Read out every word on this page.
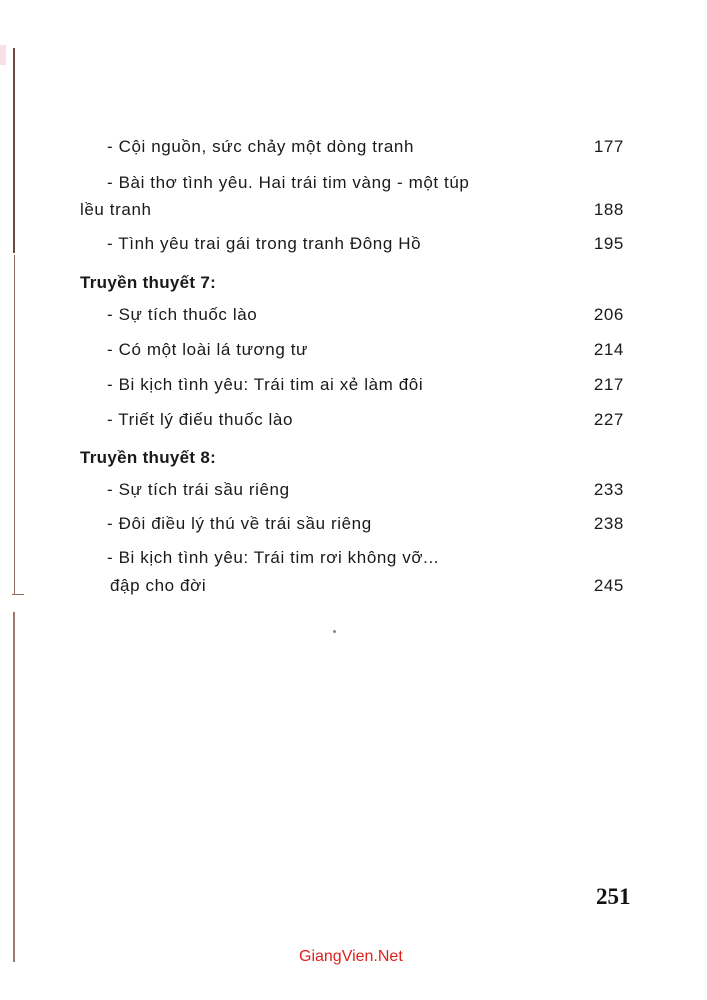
- Cội nguồn, sức chảy một dòng tranh	177
- Bài thơ tình yêu. Hai trái tim vàng - một túp
lều tranh	188
- Tình yêu trai gái trong tranh Đông Hồ	195
Truyền thuyết 7:
- Sự tích thuốc lào	206
- Có một loài lá tương tư	214
- Bi kịch tình yêu: Trái tim ai xẻ làm đôi	217
- Triết lý điếu thuốc lào	227
Truyền thuyết 8:
- Sự tích trái sầu riêng	233
- Đôi điều lý thú về trái sầu riêng	238
- Bi kịch tình yêu: Trái tim rơi không vỡ...
đập cho đời	245
251
GiangVien.Net
